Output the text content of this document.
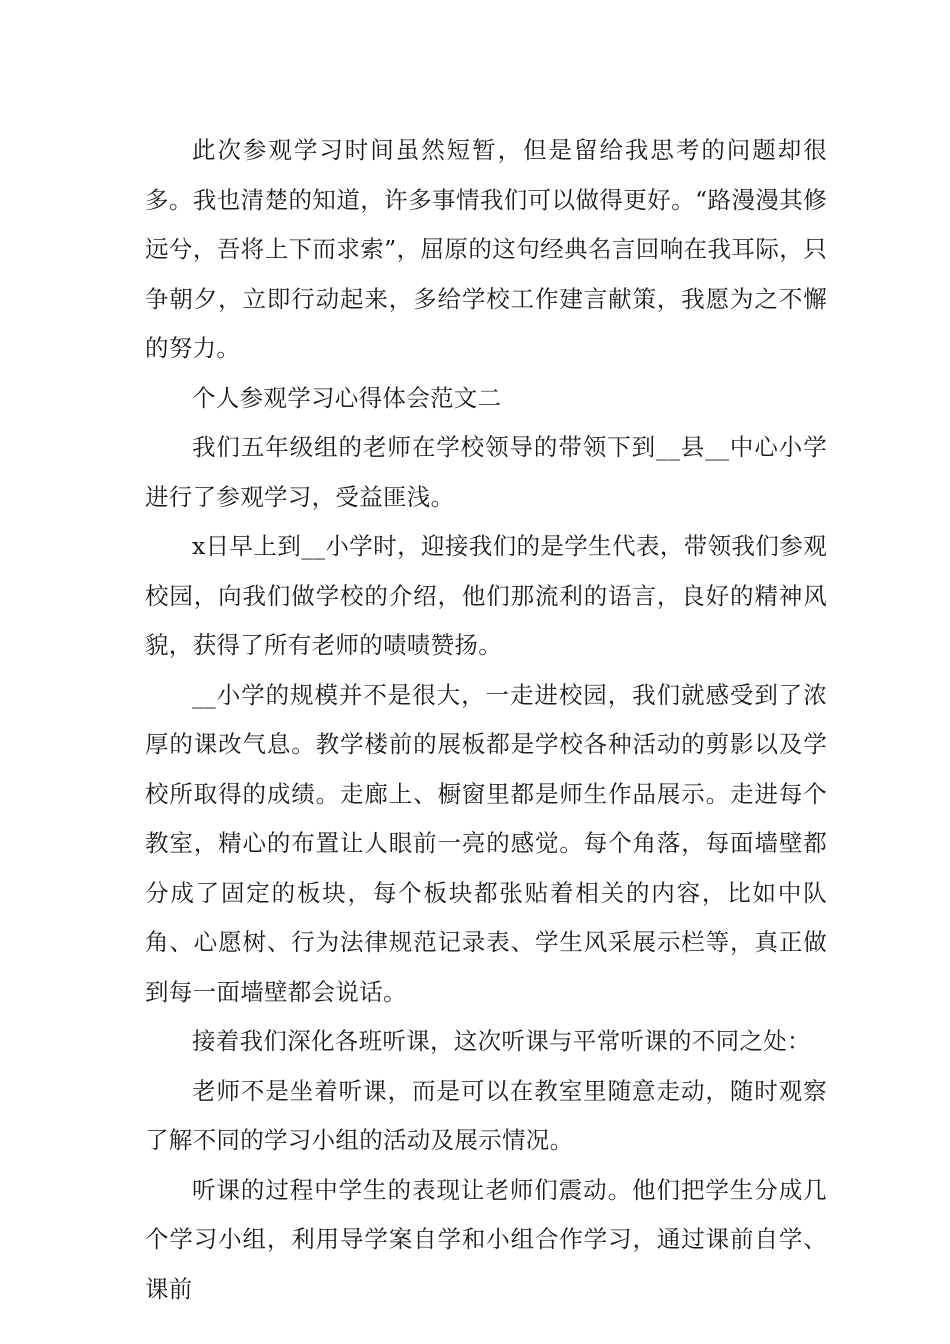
此次参观学习时间虽然短暂，但是留给我思考的问题却很多。我也清楚的知道，许多事情我们可以做得更好。“路漫漫其修远兮，吾将上下而求索”，屈原的这句经典名言回响在我耳际，只争朝夕，立即行动起来，多给学校工作建言献策，我愿为之不懈的努力。

个人参观学习心得体会范文二

我们五年级组的老师在学校领导的带领下到__县__中心小学进行了参观学习，受益匪浅。

x日早上到__小学时，迎接我们的是学生代表，带领我们参观校园，向我们做学校的介绍，他们那流利的语言，良好的精神风貌，获得了所有老师的啧啧赞扬。

__小学的规模并不是很大，一走进校园，我们就感受到了浓厚的课改气息。教学楼前的展板都是学校各种活动的剪影以及学校所取得的成绩。走廊上、橱窗里都是师生作品展示。走进每个教室，精心的布置让人眼前一亮的感觉。每个角落，每面墙壁都分成了固定的板块，每个板块都张贴着相关的内容，比如中队角、心愿树、行为法律规范记录表、学生风采展示栏等，真正做到每一面墙壁都会说话。

接着我们深化各班听课，这次听课与平常听课的不同之处：

老师不是坐着听课，而是可以在教室里随意走动，随时观察了解不同的学习小组的活动及展示情况。

听课的过程中学生的表现让老师们震动。他们把学生分成几个学习小组，利用导学案自学和小组合作学习，通过课前自学、课前
